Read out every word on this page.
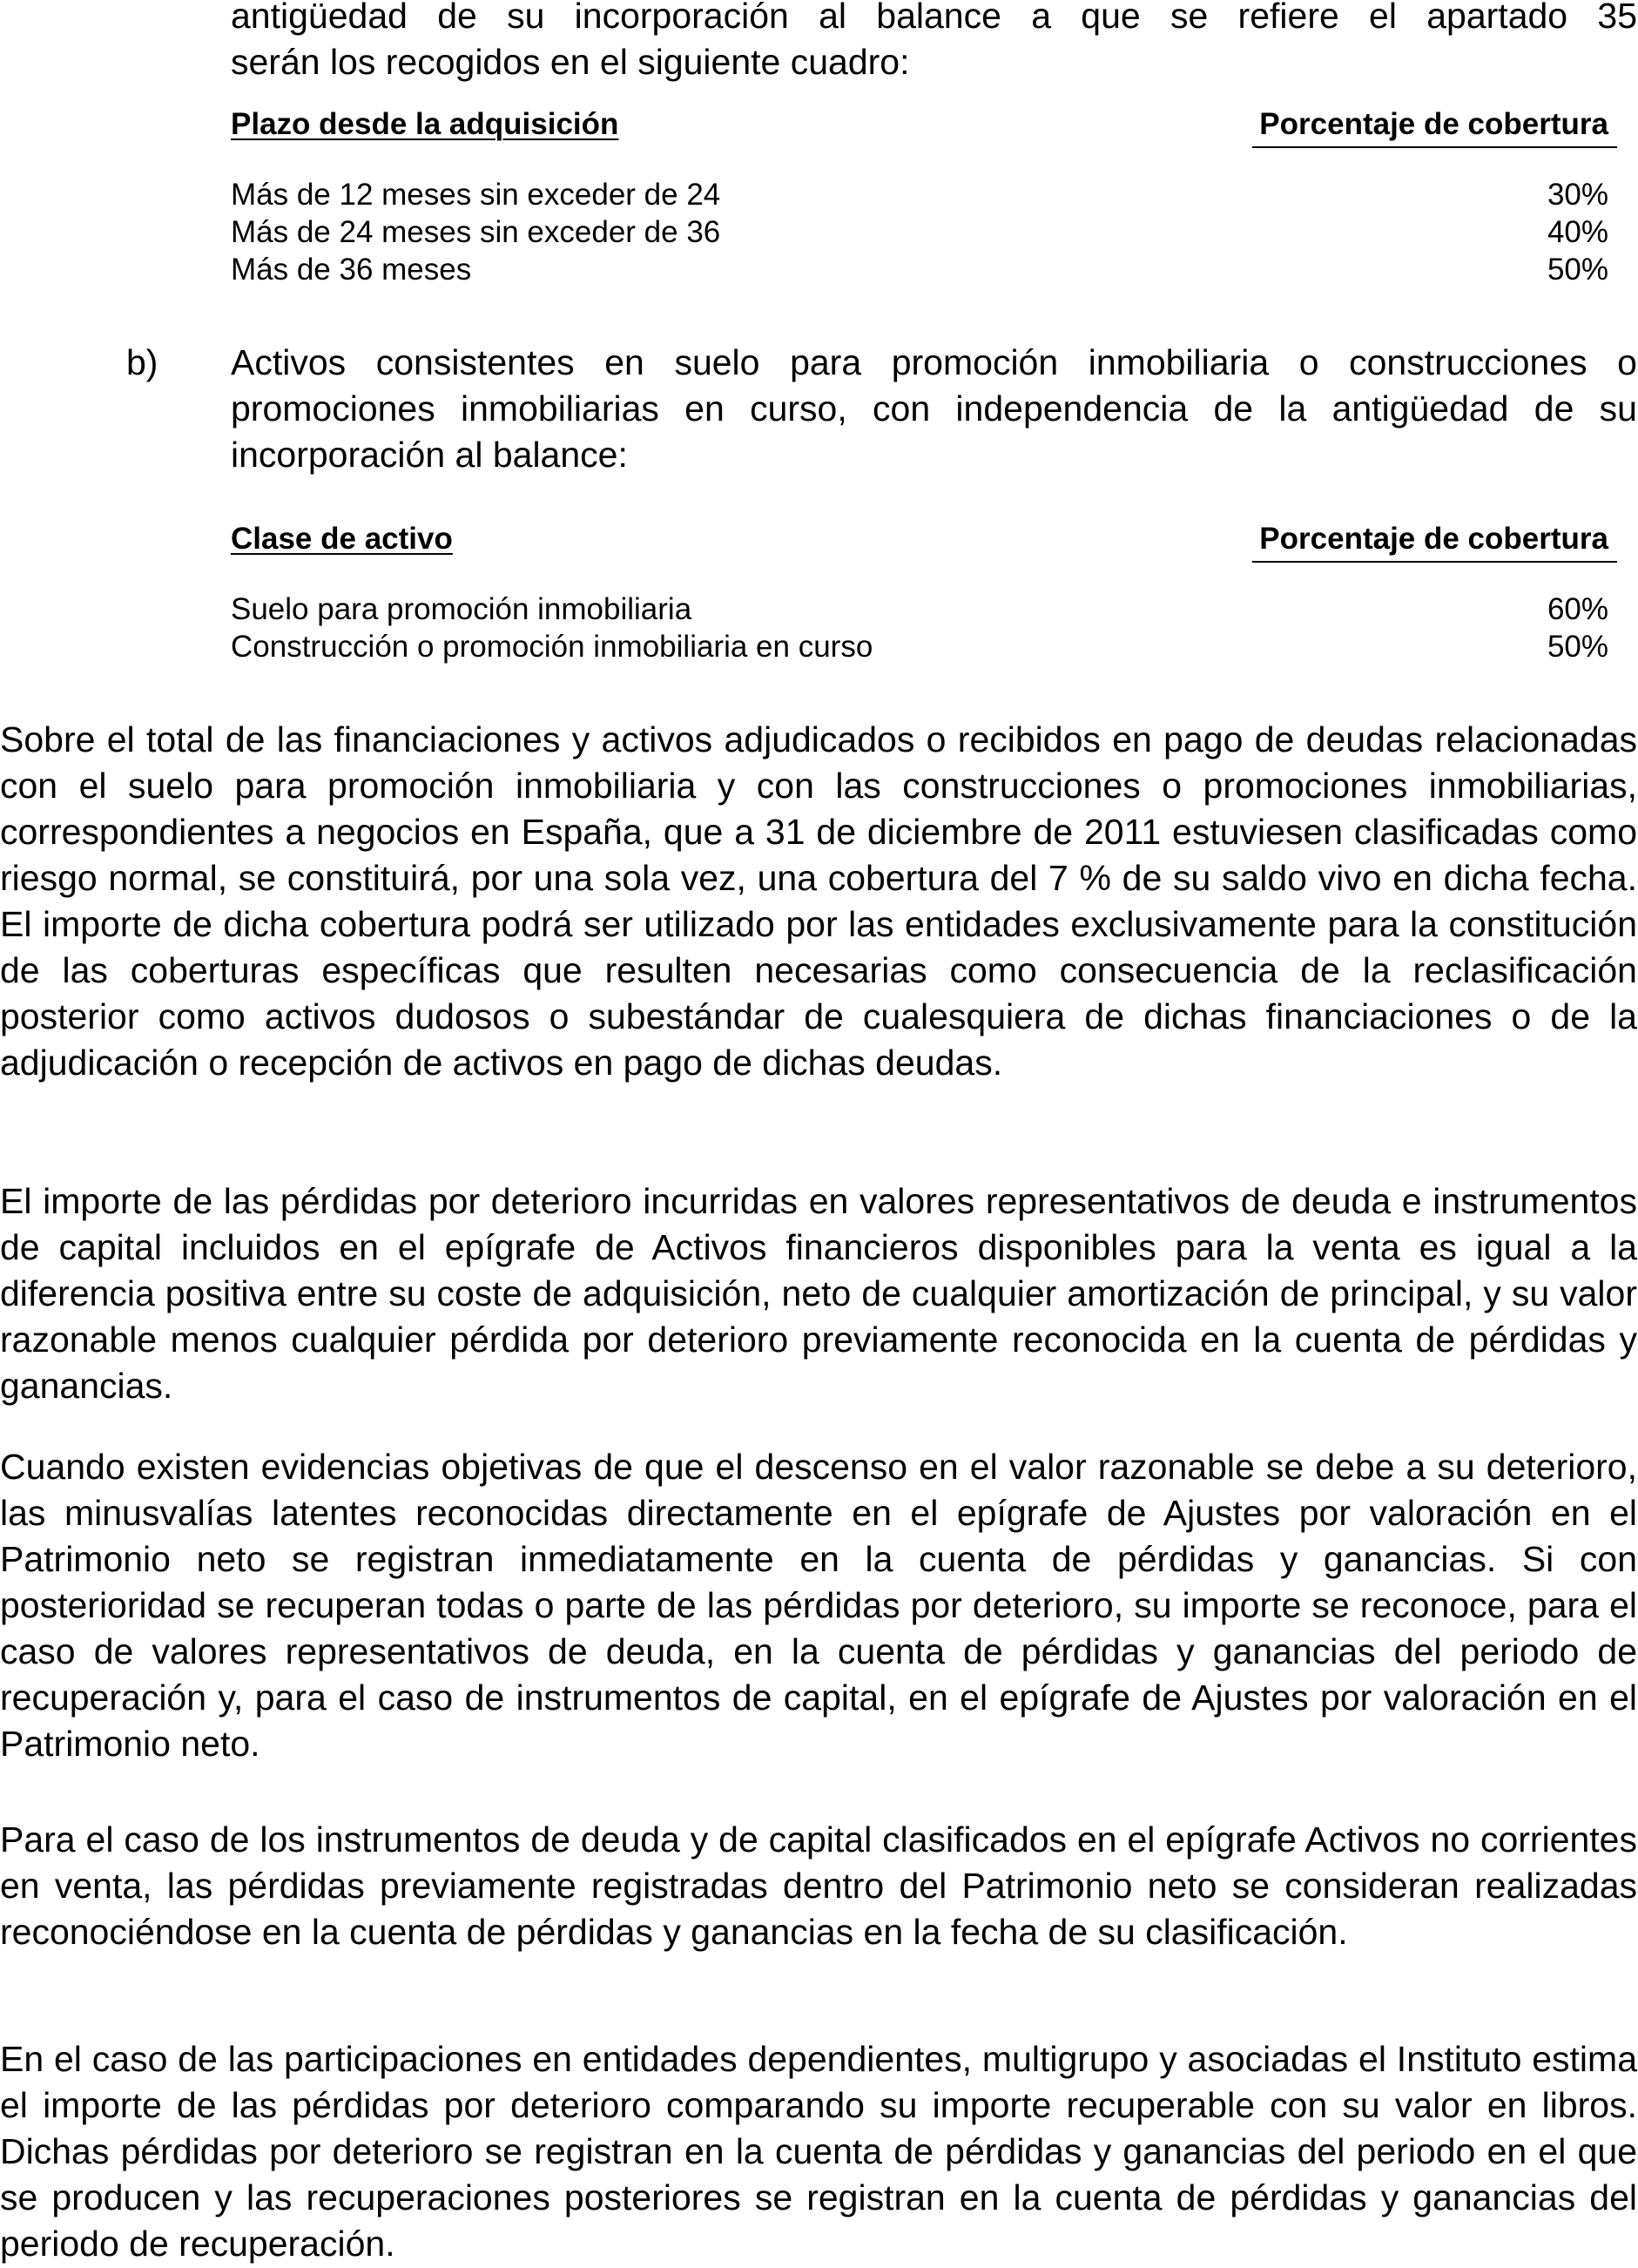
antigüedad de su incorporación al balance a que se refiere el apartado 35
serán los recogidos en el siguiente cuadro:
Plazo desde la adquisición	Porcentaje de cobertura
Más de 12 meses sin exceder de 24	30%
Más de 24 meses sin exceder de 36	40%
Más de 36 meses	50%
b) Activos consistentes en suelo para promoción inmobiliaria o construcciones o promociones inmobiliarias en curso, con independencia de la antigüedad de su incorporación al balance:
Clase de activo	Porcentaje de cobertura
Suelo para promoción inmobiliaria	60%
Construcción o promoción inmobiliaria en curso	50%

Sobre el total de las financiaciones y activos adjudicados o recibidos en pago de deudas relacionadas con el suelo para promoción inmobiliaria y con las construcciones o promociones inmobiliarias, correspondientes a negocios en España, que a 31 de diciembre de 2011 estuviesen clasificadas como riesgo normal, se constituirá, por una sola vez, una cobertura del 7 % de su saldo vivo en dicha fecha. El importe de dicha cobertura podrá ser utilizado por las entidades exclusivamente para la constitución de las coberturas específicas que resulten necesarias como consecuencia de la reclasificación posterior como activos dudosos o subestándar de cualesquiera de dichas financiaciones o de la adjudicación o recepción de activos en pago de dichas deudas.

El importe de las pérdidas por deterioro incurridas en valores representativos de deuda e instrumentos de capital incluidos en el epígrafe de Activos financieros disponibles para la venta es igual a la diferencia positiva entre su coste de adquisición, neto de cualquier amortización de principal, y su valor razonable menos cualquier pérdida por deterioro previamente reconocida en la cuenta de pérdidas y ganancias.

Cuando existen evidencias objetivas de que el descenso en el valor razonable se debe a su deterioro, las minusvalías latentes reconocidas directamente en el epígrafe de Ajustes por valoración en el Patrimonio neto se registran inmediatamente en la cuenta de pérdidas y ganancias. Si con posterioridad se recuperan todas o parte de las pérdidas por deterioro, su importe se reconoce, para el caso de valores representativos de deuda, en la cuenta de pérdidas y ganancias del periodo de recuperación y, para el caso de instrumentos de capital, en el epígrafe de Ajustes por valoración en el Patrimonio neto.

Para el caso de los instrumentos de deuda y de capital clasificados en el epígrafe Activos no corrientes en venta, las pérdidas previamente registradas dentro del Patrimonio neto se consideran realizadas reconociéndose en la cuenta de pérdidas y ganancias en la fecha de su clasificación.

En el caso de las participaciones en entidades dependientes, multigrupo y asociadas el Instituto estima el importe de las pérdidas por deterioro comparando su importe recuperable con su valor en libros. Dichas pérdidas por deterioro se registran en la cuenta de pérdidas y ganancias del periodo en el que se producen y las recuperaciones posteriores se registran en la cuenta de pérdidas y ganancias del periodo de recuperación.
